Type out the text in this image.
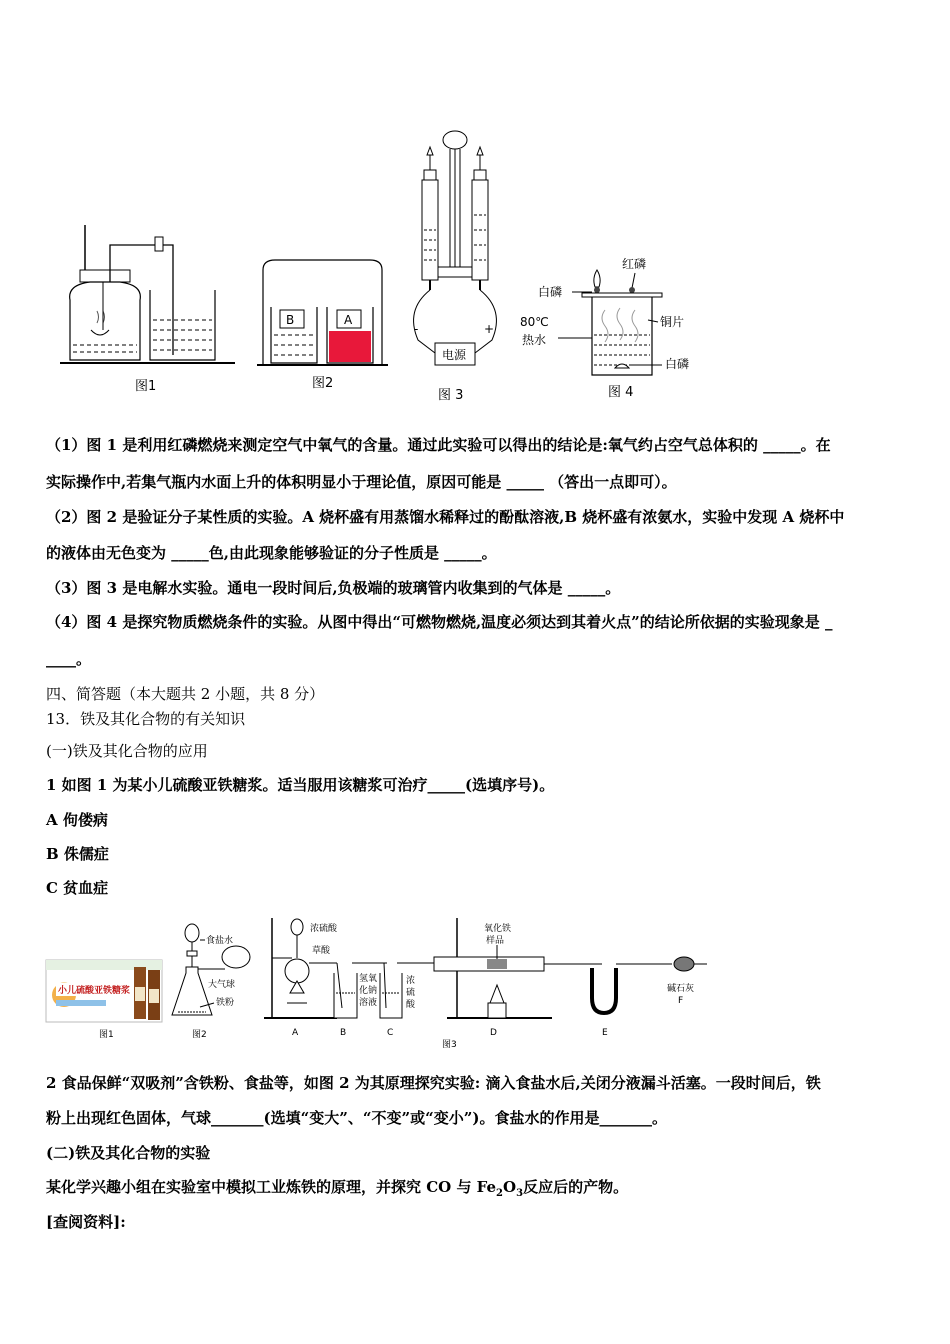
图1
B	A
图2
-	+
电源
图 3
红磷
白磷
铜片
80℃
热水
白磷
图 4
（1）图 1 是利用红磷燃烧来测定空气中氧气的含量。通过此实验可以得出的结论是:氧气约占空气总体积的 _____。在
实际操作中,若集气瓶内水面上升的体积明显小于理论值，原因可能是 _____ （答出一点即可）。
（2）图 2 是验证分子某性质的实验。A 烧杯盛有用蒸馏水稀释过的酚酞溶液,B 烧杯盛有浓氨水，实验中发现 A 烧杯中
的液体由无色变为 _____色,由此现象能够验证的分子性质是 _____。
（3）图 3 是电解水实验。通电一段时间后,负极端的玻璃管内收集到的气体是 _____。
（4）图 4 是探究物质燃烧条件的实验。从图中得出“可燃物燃烧,温度必须达到其着火点”的结论所依据的实验现象是 _
____。
四、简答题（本大题共 2 小题，共 8 分）
13．铁及其化合物的有关知识
(一)铁及其化合物的应用
1 如图 1 为某小儿硫酸亚铁糖浆。适当服用该糖浆可治疗_____(选填序号)。
A 佝偻病
B 侏儒症
C 贫血症
小儿硫酸亚铁糖浆
图1
食盐水
大气球
铁粉
图2
浓硫酸
草酸
A
氢氧
化钠
溶液
B
浓
硫
酸
C
氧化铁
样品
D	E
碱石灰
F
图3
2 食品保鲜“双吸剂”含铁粉、食盐等，如图 2 为其原理探究实验: 滴入食盐水后,关闭分液漏斗活塞。一段时间后，铁
粉上出现红色固体，气球_______(选填“变大”、“不变”或“变小”)。食盐水的作用是_______。
(二)铁及其化合物的实验
某化学兴趣小组在实验室中模拟工业炼铁的原理，并探究 CO 与 $Fe_2O_3$反应后的产物。
[查阅资料]:
